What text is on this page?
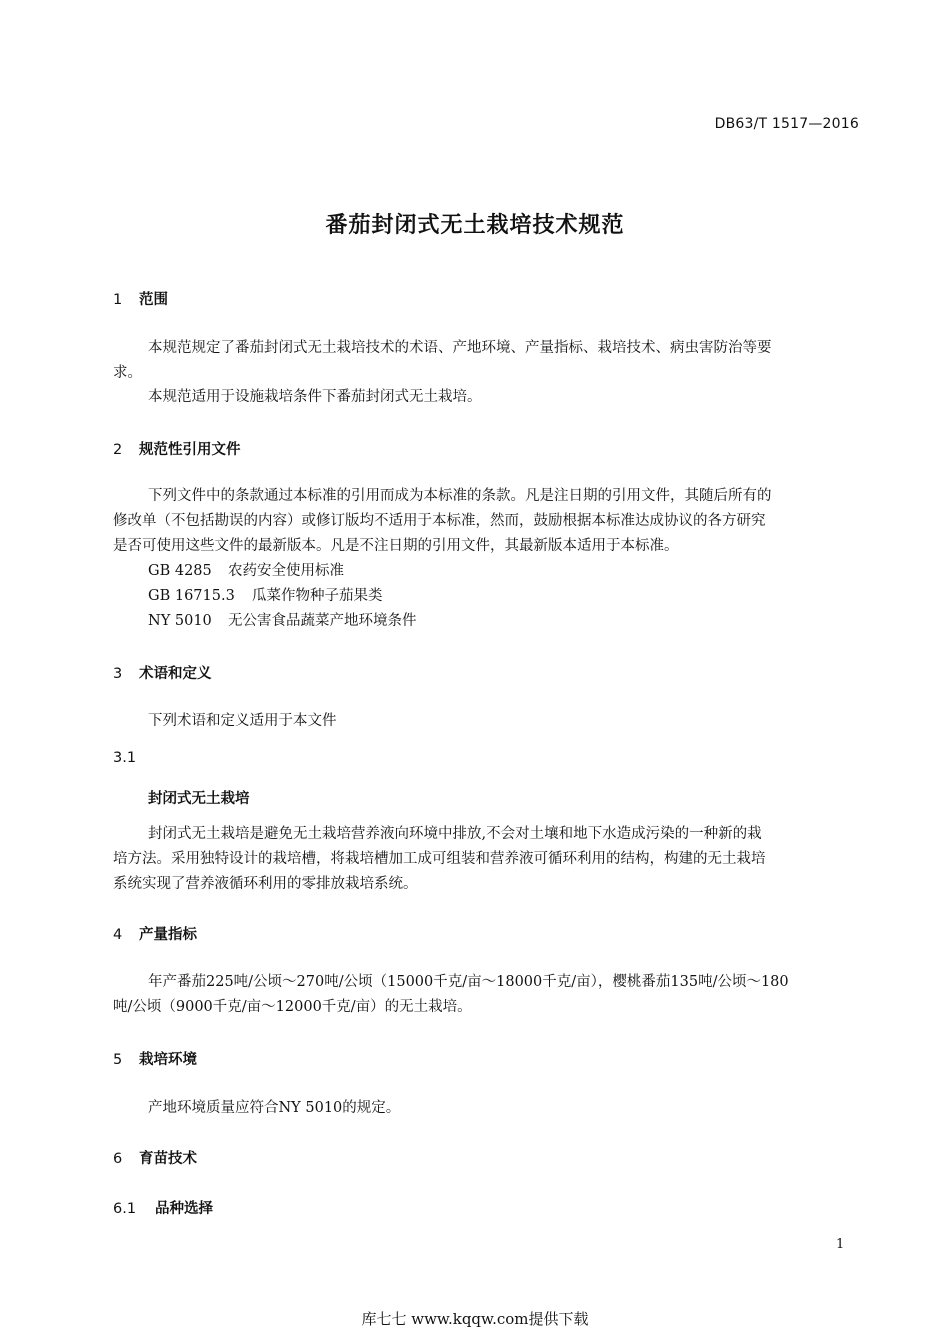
DB63/T 1517—2016
番茄封闭式无土栽培技术规范
1 范围
本规范规定了番茄封闭式无土栽培技术的术语、产地环境、产量指标、栽培技术、病虫害防治等要
求。
本规范适用于设施栽培条件下番茄封闭式无土栽培。
2 规范性引用文件
下列文件中的条款通过本标准的引用而成为本标准的条款。凡是注日期的引用文件，其随后所有的
修改单（不包括勘误的内容）或修订版均不适用于本标准，然而，鼓励根据本标准达成协议的各方研究
是否可使用这些文件的最新版本。凡是不注日期的引用文件，其最新版本适用于本标准。
GB 4285 农药安全使用标准
GB 16715.3 瓜菜作物种子茄果类
NY 5010 无公害食品蔬菜产地环境条件
3 术语和定义
下列术语和定义适用于本文件
3.1
封闭式无土栽培
封闭式无土栽培是避免无土栽培营养液向环境中排放,不会对土壤和地下水造成污染的一种新的栽
培方法。采用独特设计的栽培槽，将栽培槽加工成可组装和营养液可循环利用的结构，构建的无土栽培
系统实现了营养液循环利用的零排放栽培系统。
4 产量指标
年产番茄225吨/公顷～270吨/公顷（15000千克/亩～18000千克/亩），樱桃番茄135吨/公顷～180
吨/公顷（9000千克/亩～12000千克/亩）的无土栽培。
5 栽培环境
产地环境质量应符合NY 5010的规定。
6 育苗技术
6.1 品种选择
1
库七七 www.kqqw.com提供下载
